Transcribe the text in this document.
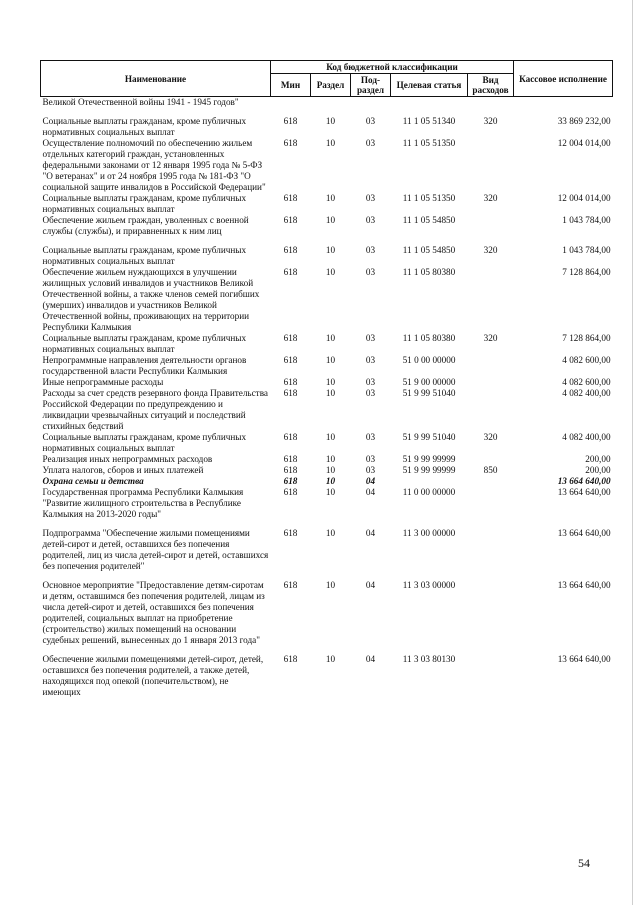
Наименование	Код бюджетной классификации					Кассовое исполнение
	Мин	Раздел	Под-раздел	Целевая статья	Вид расходов	
Великой Отечественной войны 1941 - 1945 годов"						

Социальные выплаты гражданам, кроме публичных нормативных социальных выплат	618	10	03	11 1 05 51340	320	33 869 232,00
Осуществление полномочий по обеспечению жильем отдельных категорий граждан, установленных федеральными законами от 12 января 1995 года № 5-ФЗ "О ветеранах" и от 24 ноября 1995 года № 181-ФЗ "О социальной защите инвалидов в Российской Федерации"	618	10	03	11 1 05 51350		12 004 014,00
Социальные выплаты гражданам, кроме публичных нормативных социальных выплат	618	10	03	11 1 05 51350	320	12 004 014,00
Обеспечение жильем граждан, уволенных с военной службы (службы), и приравненных к ним лиц	618	10	03	11 1 05 54850		1 043 784,00

Социальные выплаты гражданам, кроме публичных нормативных социальных выплат	618	10	03	11 1 05 54850	320	1 043 784,00
Обеспечение жильем нуждающихся в улучшении жилищных условий инвалидов и участников Великой Отечественной войны, а также членов семей погибших (умерших) инвалидов и участников Великой Отечественной войны, проживающих на территории Республики Калмыкия	618	10	03	11 1 05 80380		7 128 864,00
Социальные выплаты гражданам, кроме публичных нормативных социальных выплат	618	10	03	11 1 05 80380	320	7 128 864,00
Непрограммные направления деятельности органов государственной власти Республики Калмыкия	618	10	03	51 0 00 00000		4 082 600,00
Иные непрограммные расходы	618	10	03	51 9 00 00000		4 082 600,00
Расходы за счет средств резервного фонда Правительства Российской Федерации по предупреждению и ликвидации чрезвычайных ситуаций и последствий стихийных бедствий	618	10	03	51 9 99 51040		4 082 400,00
Социальные выплаты гражданам, кроме публичных нормативных социальных выплат	618	10	03	51 9 99 51040	320	4 082 400,00
Реализация иных непрограммных расходов	618	10	03	51 9 99 99999		200,00
Уплата налогов, сборов и иных платежей	618	10	03	51 9 99 99999	850	200,00
Охрана семьи и детства	618	10	04			13 664 640,00
Государственная программа Республики Калмыкия "Развитие жилищного строительства в Республике Калмыкия на 2013-2020 годы"	618	10	04	11 0 00 00000		13 664 640,00

Подпрограмма "Обеспечение жилыми помещениями детей-сирот и детей, оставшихся без попечения родителей, лиц из числа детей-сирот и детей, оставшихся без попечения родителей"	618	10	04	11 3 00 00000		13 664 640,00

Основное мероприятие "Предоставление детям-сиротам и детям, оставшимся без попечения родителей, лицам из числа детей-сирот и детей, оставшихся без попечения родителей, социальных выплат на приобретение (строительство) жилых помещений на основании судебных решений, вынесенных до 1 января 2013 года"	618	10	04	11 3 03 00000		13 664 640,00

Обеспечение жилыми помещениями детей-сирот, детей, оставшихся без попечения родителей, а также детей, находящихся под опекой (попечительством), не имеющих	618	10	04	11 3 03 80130		13 664 640,00
54
